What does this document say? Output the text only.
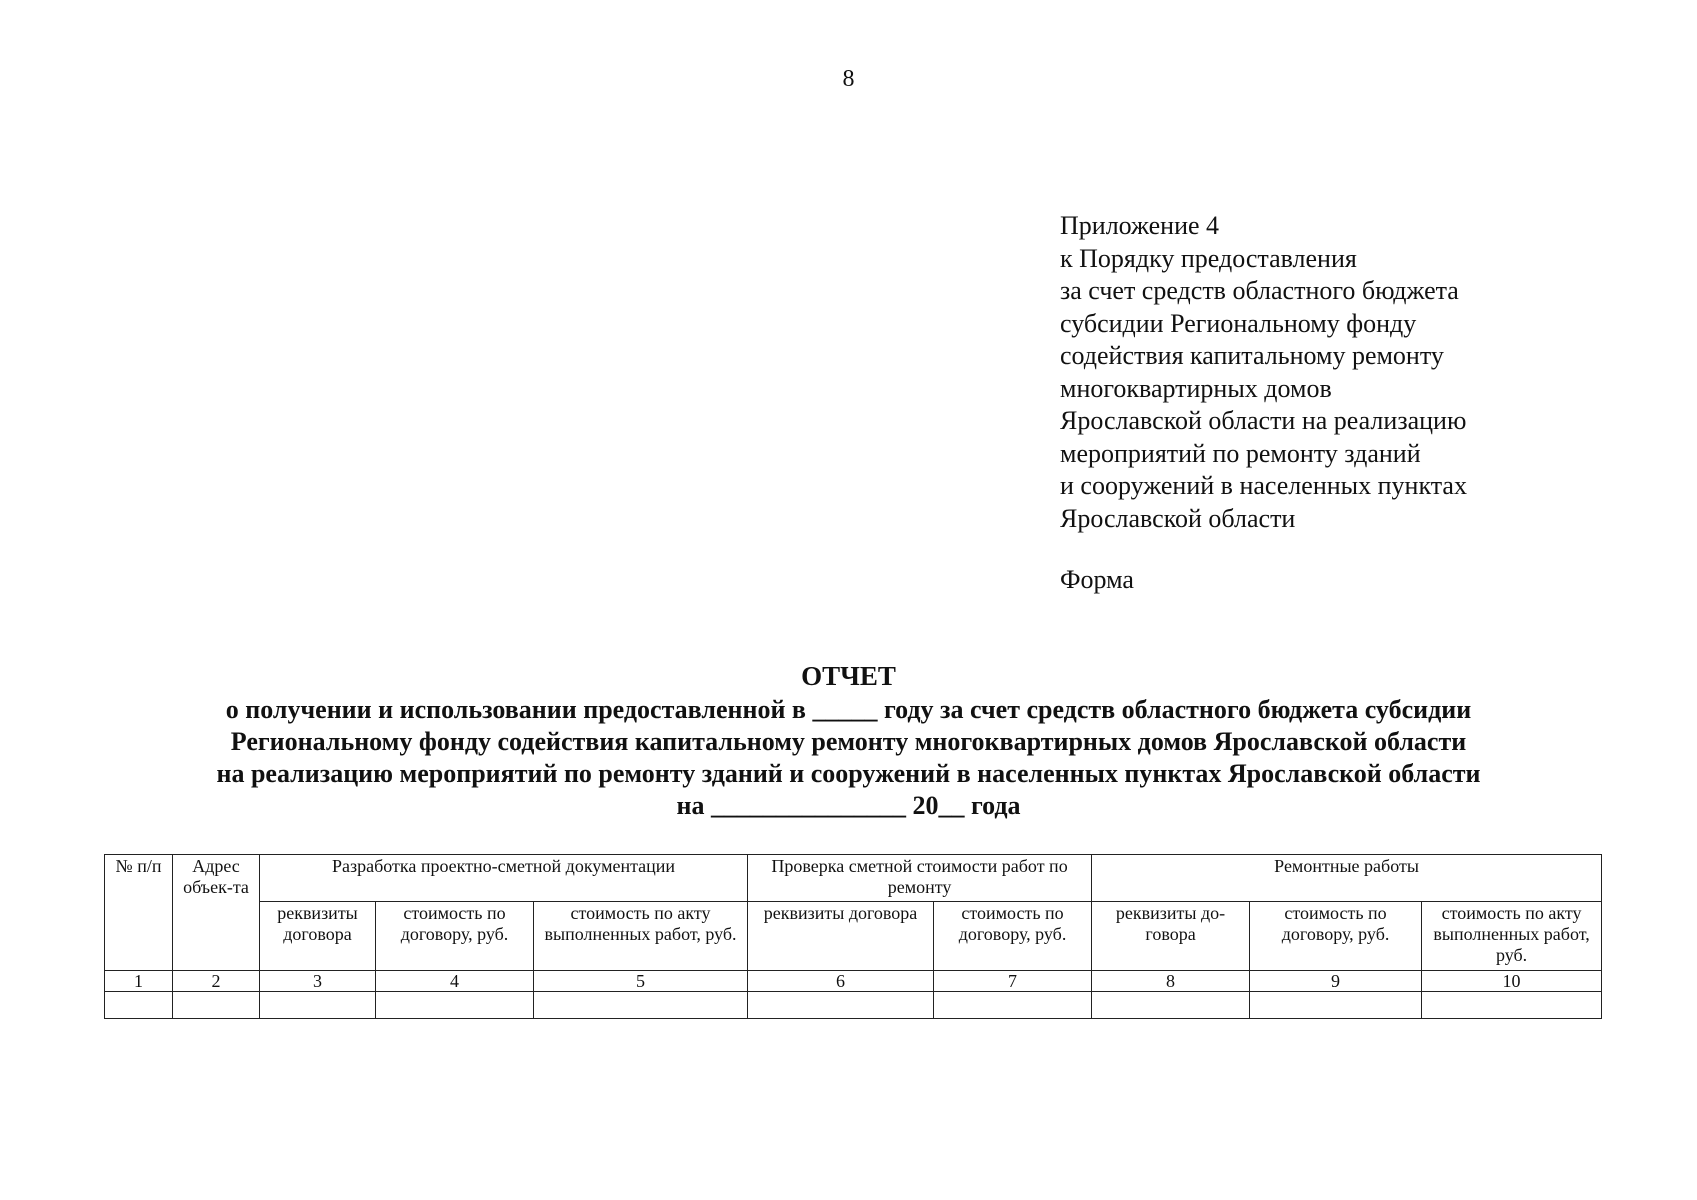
8
Приложение 4
к Порядку предоставления
за счет средств областного бюджета
субсидии Региональному фонду
содействия капитальному ремонту
многоквартирных домов
Ярославской области на реализацию
мероприятий по ремонту зданий
и сооружений в населенных пунктах
Ярославской области
Форма
ОТЧЕТ
о получении и использовании предоставленной в _____ году за счет средств областного бюджета субсидии
Региональному фонду содействия капитальному ремонту многоквартирных домов Ярославской области
на реализацию мероприятий по ремонту зданий и сооружений в населенных пунктах Ярославской области
на _______________ 20__ года
№ п/п	Адрес объек-та	Разработка проектно-сметной документации			Проверка сметной стоимости работ по ремонту		Ремонтные работы		
		реквизиты договора	стоимость по договору, руб.	стоимость по акту выполненных работ, руб.	реквизиты договора	стоимость по договору, руб.	реквизиты до-говора	стоимость по договору, руб.	стоимость по акту выполненных работ, руб.
1	2	3	4	5	6	7	8	9	10
